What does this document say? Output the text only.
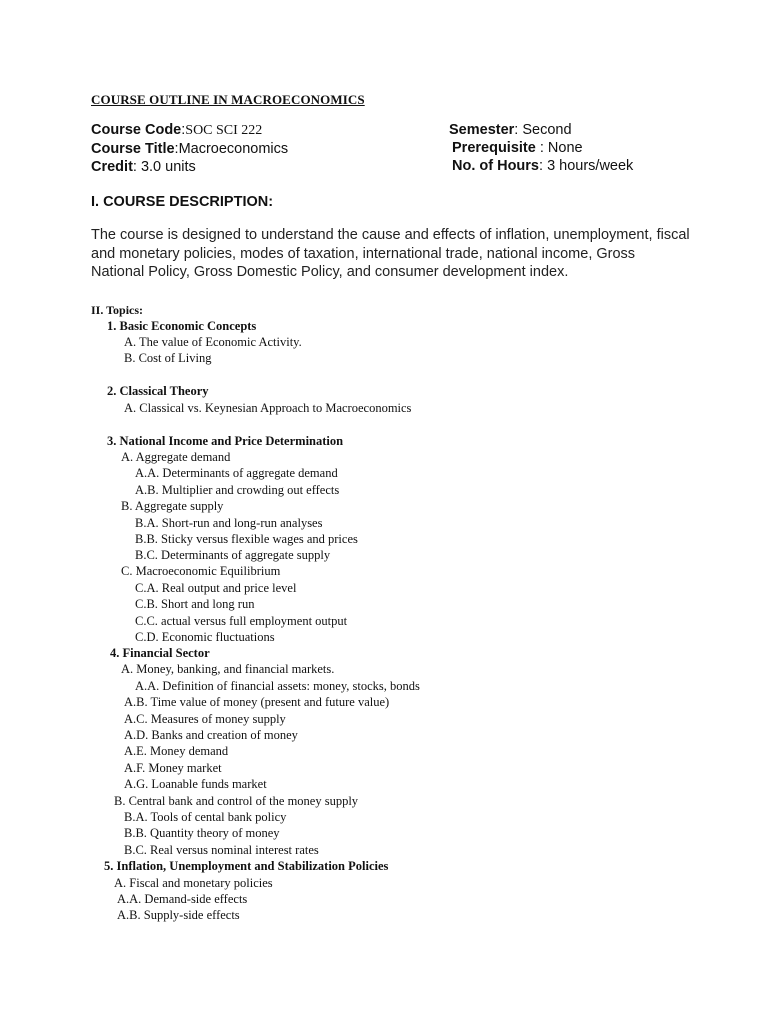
COURSE OUTLINE IN MACROECONOMICS
Course Code:SOC SCI 222
Course Title:Macroeconomics
Credit: 3.0 units
Semester: Second
Prerequisite : None
No. of Hours: 3 hours/week
I. COURSE DESCRIPTION:
The course is designed to understand the cause and effects of inflation, unemployment, fiscal and monetary policies, modes of taxation, international trade, national income, Gross National Policy, Gross Domestic Policy, and consumer development index.
II. Topics:
1. Basic Economic Concepts
A. The value of Economic Activity.
B. Cost of Living
2. Classical Theory
A. Classical vs. Keynesian Approach to Macroeconomics
3. National Income and Price Determination
A. Aggregate demand
A.A. Determinants of aggregate demand
A.B. Multiplier and crowding out effects
B. Aggregate supply
B.A. Short-run and long-run analyses
B.B. Sticky versus flexible wages and prices
B.C. Determinants of aggregate supply
C. Macroeconomic Equilibrium
C.A. Real output and price level
C.B. Short and long run
C.C. actual versus full employment output
C.D. Economic fluctuations
4. Financial Sector
A. Money, banking, and financial markets.
A.A. Definition of financial assets: money, stocks, bonds
A.B. Time value of money (present and future value)
A.C. Measures of money supply
A.D. Banks and creation of money
A.E. Money demand
A.F. Money market
A.G. Loanable funds market
B. Central bank and control of the money supply
B.A. Tools of cental bank policy
B.B. Quantity theory of money
B.C. Real versus nominal interest rates
5. Inflation, Unemployment and Stabilization Policies
A. Fiscal and monetary policies
A.A. Demand-side effects
A.B. Supply-side effects
